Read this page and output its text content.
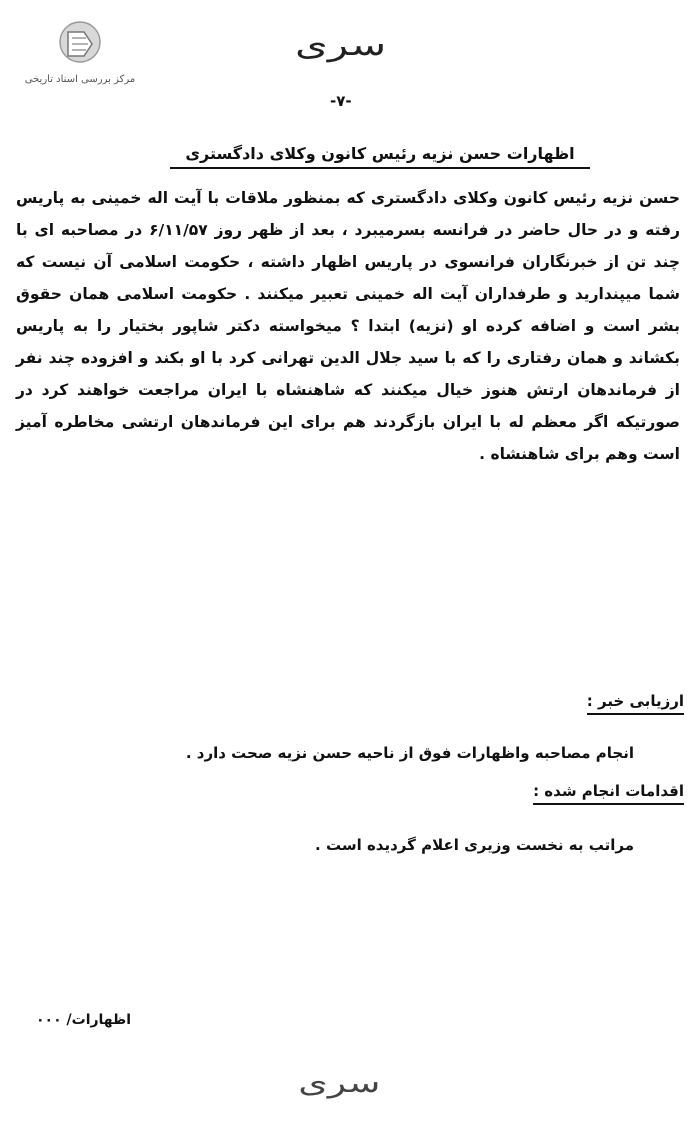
مرکز بررسی اسناد تاریخی
سری
-۷-
اظهارات حسن نزیه رئیس کانون وکلای دادگستری
حسن نزیه رئیس کانون وکلای دادگستری که بمنظور ملاقات با آیت اله خمینی به پاریس رفته و در حال حاضر در فرانسه بسرمیبرد ، بعد از ظهر روز ۶/۱۱/۵۷ در مصاحبه ای با چند تن از خبرنگاران فرانسوی در پاریس اظهار داشته ، حکومت اسلامی آن نیست که شما میپندارید و طرفداران آیت اله خمینی تعبیر میکنند . حکومت اسلامی همان حقوق بشر است و اضافه کرده او (نزیه) ابتدا ؟ میخواسته دکتر شاپور بختیار را به پاریس بکشاند و همان رفتاری را که با سید جلال الدین تهرانی کرد با او بکند و افزوده چند نفر از فرماندهان ارتش هنوز خیال میکنند که شاهنشاه با ایران مراجعت خواهند کرد در صورتیکه اگر معظم له با ایران بازگردند هم برای این فرماندهان ارتشی مخاطره آمیز است وهم برای شاهنشاه .
ارزیابی خبر :
انجام مصاحبه واظهارات فوق از ناحیه حسن نزیه صحت دارد .
اقدامات انجام شده :
مراتب به نخست وزیری اعلام گردیده است .
اظهارات/ ۰۰۰
سری
